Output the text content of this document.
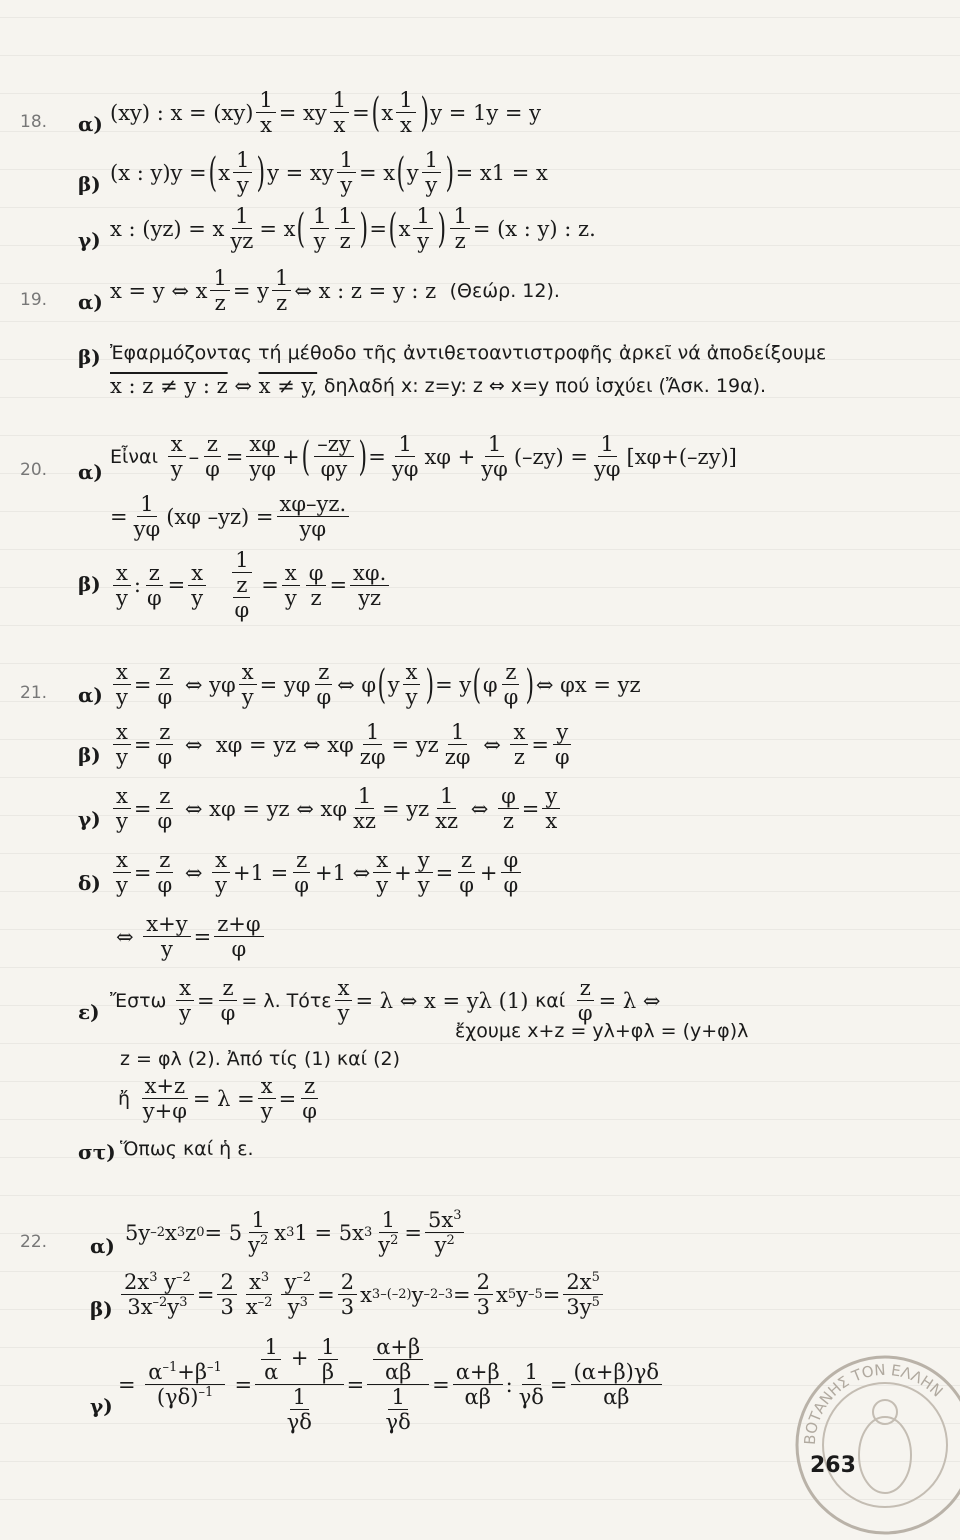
18. α) (xy) : $x = (xy) \frac{1}{x}$ = xy $\frac{1}{x}$ = ( x $\frac{1}{x}$ ) y = 1y = y
β) (x : y)y = ( x $\frac{1}{y}$ ) y = xy $\frac{1}{y} = x$ ( y $\frac{1}{y}$ ) = x1 = x
γ) x : (yz) = x $\frac{1}{yz} = x$ ( $\frac{1}{y} \frac{1}{z}$ ) = ( x $\frac{1}{y}$ ) $\frac{1}{z} = (x$ : y) : z.
19. α) x = y ⇔ x $\frac{1}{z} = y \frac{1}{z}$ ⇔ x : z = y : z (Θεώρ. 12).
β) Ἐφαρμόζοντας τή μέθοδο τῆς ἀντιθετοαντιστροφῆς ἀρκεῖ νά ἀποδείξουμε
x : z ≠ y : z ⇔ x ≠ y,
δηλαδή x: z=y: z ⇔ x=y πού ἰσχύει (Ἄσκ. 19α).
20. α)
Εἶναι
$\frac{x}{y} - \frac{z}{\varphi} = \frac{x\varphi}{y\varphi}$ + ( $\frac{-zy}{\varphi y}$ ) = $\frac{1}{y\varphi}$ $x\varphi + \frac{1}{y\varphi} (-zy) = \frac{1}{y\varphi} [x\varphi+(-zy)]$
= $\frac{1}{y\varphi} (x\varphi$ $-yz) = \frac{x\varphi-yz.}{y\varphi}$
$\beta) \frac{x}{y}$ : $\frac{z}{\varphi} = \frac{x}{y}$
$\frac{1}{\frac{z}{\varphi}} = \frac{x}{y} \frac{\varphi}{z} = \frac{x\varphi.}{yz}$
21. $\alpha) \frac{x}{y} = \frac{z}{\varphi}$ ⇔ yφ $\frac{x}{y} = y\varphi \frac{z}{\varphi}$ ⇔ φ ( y $\frac{x}{y}$ ) = y ( φ $\frac{z}{\varphi}$ ) ⇔ φx = yz
$\beta) \frac{x}{y} = \frac{z}{\varphi}$ ⇔  xφ = yz ⇔ xφ $\frac{1}{z\varphi}$ = yz $\frac{1}{z\varphi}$ ⇔ $\frac{x}{z} = \frac{y}{\varphi}$
$\gamma) \frac{x}{y} = \frac{z}{\varphi}$ ⇔ xφ = yz ⇔ xφ $\frac{1}{xz}$ = yz $\frac{1}{xz}$ ⇔ $\frac{\varphi}{z} = \frac{y}{x}$
$\delta) \frac{x}{y} = \frac{z}{\varphi}$ ⇔ $\frac{x}{y} +1 = \frac{z}{\varphi} +1$ ⇔ $\frac{x}{y} + \frac{y}{y} = \frac{z}{\varphi} + \frac{\varphi}{\varphi}$
⇔ $\frac{x+y}{y} = \frac{z+\varphi}{\varphi}$
ε) Ἔστω
$\frac{x}{y} = \frac{z}{\varphi} = \lambda$. Τότε $\frac{x}{y} = \lambda$ ⇔ x = yλ (1)
καί
$\frac{z}{\varphi} = \lambda$ ⇔
ἔχουμε x+z = yλ+φλ = (y+φ)λ
z = φλ (2). Ἀπό τίς (1) καί (2)
ἤ
$\frac{x+z}{y+\varphi} = \lambda = \frac{x}{y} = \frac{z}{\varphi}$
στ) Ὅπως καί ἡ ε.
22. α)
5y –2 x 3 z $0 = 5 \frac{1}{y^2}$ x 3 1 = 5x $3 \frac{1}{y^2} = \frac{5x^3}{y^2}$
$\beta) \frac{2x^3 y^{-2}}{3x^{-2}y^3} = \frac{2}{3} \frac{x^3}{x^{-2}} \frac{y^{-2}}{y^3} = \frac{2}{3}$ x 3–(–2) y $-2-3 = \frac{2}{3}$ x 5 y $-5 = \frac{2x^5}{3y^5}$
γ)
= $\frac{\alpha^{-1}+\beta^{-1}}{(\gamma\delta)^{-1}} = \frac{\frac{1}{\alpha} + \frac{1}{\beta}}{\frac{1}{\gamma\delta}} = \frac{\frac{\alpha+\beta}{\alpha\beta}}{\frac{1}{\gamma\delta}} = \frac{\alpha+\beta}{\alpha\beta}$ : $\frac{1}{\gamma\delta} = \frac{(\alpha+\beta)\gamma\delta}{\alpha\beta}$
ΒΟΤΑΝΗΣ ΤΟΝ ΕΛΛΗΝ
263
